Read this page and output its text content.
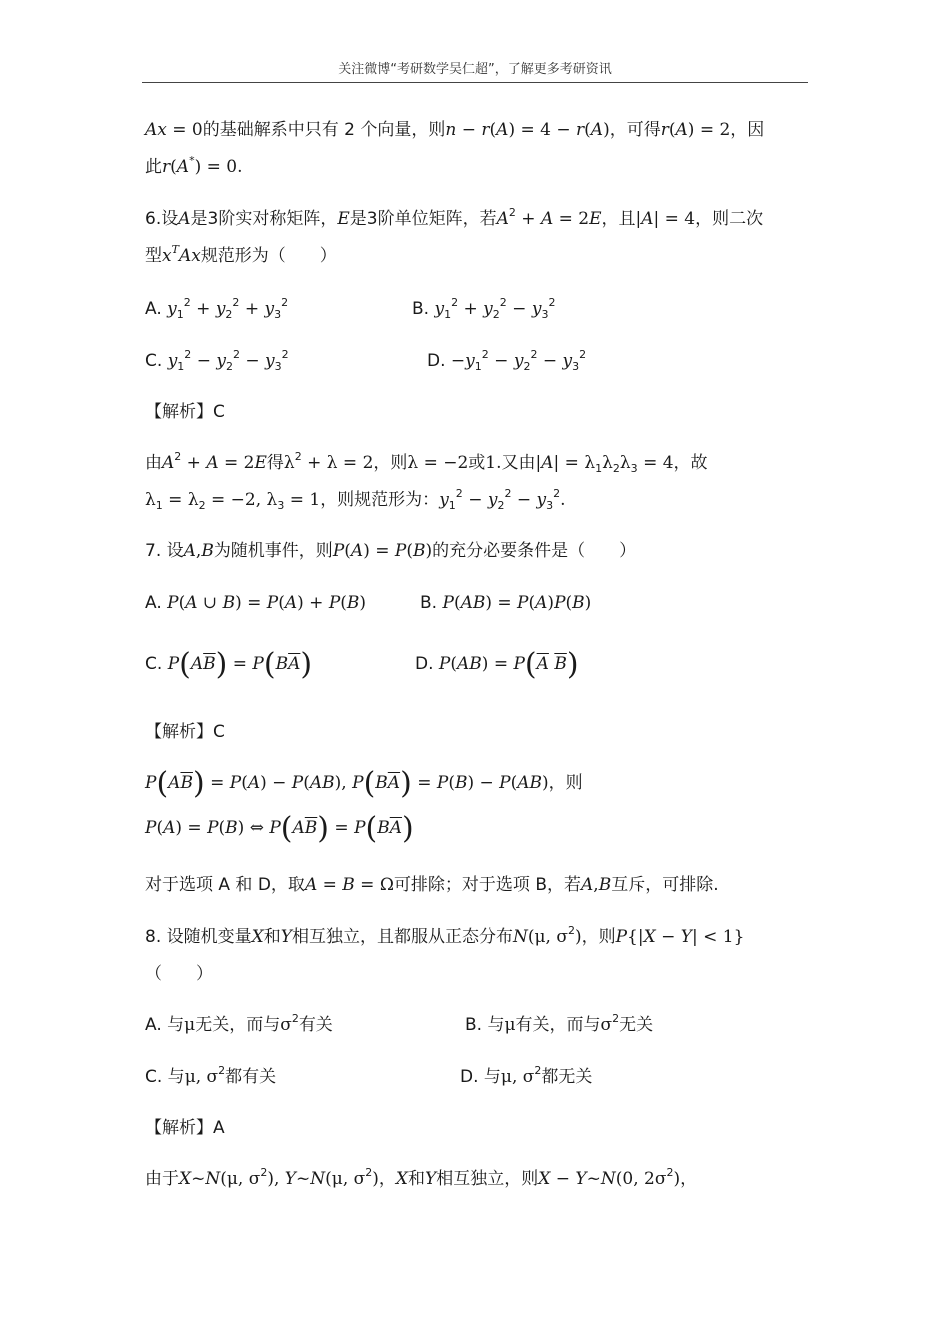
关注微博“考研数学吴仁超”，了解更多考研资讯
Ax = 0的基础解系中只有 2 个向量，则n − r(A) = 4 − r(A)，可得r(A) = 2，因
此r(A*) = 0.
6.设A是3阶实对称矩阵，E是3阶单位矩阵，若$A^2 + A = 2E$，且|A| = 4，则二次
型$x^TAx$规范形为（　　）
A. $y_1^2 + y_2^2 + y_3^2$	B. $y_1^2 + y_2^2 - y_3^2$
C. $y_1^2 - y_2^2 - y_3^2$	D. $-y_1^2 - y_2^2 - y_3^2$
【解析】C
由$A^2 + A = 2E$得$\lambda^2 + \lambda = 2$，则λ = −2或1.又由$|A| = \lambda_1\lambda_2\lambda_3 = 4$，故
$\lambda_1 = \lambda_2 = -2$, $\lambda_3 = 1$，则规范形为：$y_1^2 - y_2^2 - y_3^2$.
7. 设A,B为随机事件，则P(A) = P(B)的充分必要条件是（　　）
A. P(A ∪ B) = P(A) + P(B)	B. P(AB) = P(A)P(B)
C. $P(A\overline{B}) = P(B\overline{A})$	D. $P(AB) = P(\overline{A}$ $\overline{B}$)
【解析】C
$P(A\overline{B}) = P(A) - P(AB)$, $P(B\overline{A}) = P(B) - P(AB)$，则
P(A) = P(B) ⇔ $P(A\overline{B}) = P(B\overline{A})$
对于选项 A 和 D，取A = B = Ω可排除；对于选项 B，若A,B互斥，可排除.
8. 设随机变量X和Y相互独立，且都服从正态分布N(μ, $\sigma^2$)，则P{|X − Y| < 1}
（　　）
A. 与μ无关，而与$\sigma^2$有关	B. 与μ有关，而与$\sigma^2$无关
C. 与μ, $\sigma^2$都有关	D. 与μ, $\sigma^2$都无关
【解析】A
由于X~N(μ, $\sigma^2$), Y~N(μ, $\sigma^2$)，X和Y相互独立，则X − Y~N(0, $2\sigma^2$)，
